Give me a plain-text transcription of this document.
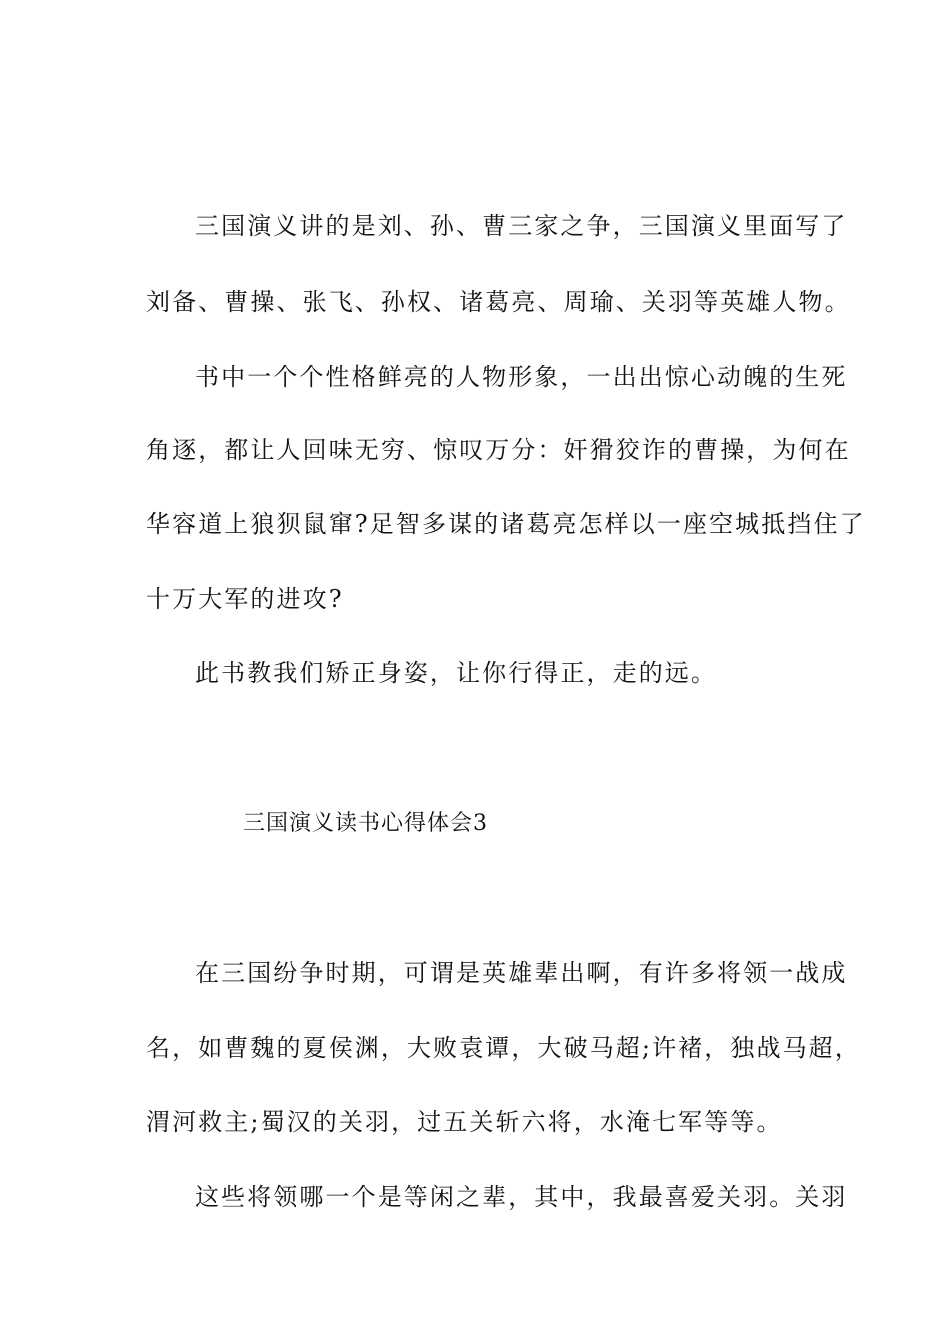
三国演义讲的是刘、孙、曹三家之争，三国演义里面写了
刘备、曹操、张飞、孙权、诸葛亮、周瑜、关羽等英雄人物。
书中一个个性格鲜亮的人物形象，一出出惊心动魄的生死
角逐，都让人回味无穷、惊叹万分：奸猾狡诈的曹操，为何在
华容道上狼狈鼠窜?足智多谋的诸葛亮怎样以一座空城抵挡住了
十万大军的进攻?
此书教我们矫正身姿，让你行得正，走的远。
三国演义读书心得体会3
在三国纷争时期，可谓是英雄辈出啊，有许多将领一战成
名，如曹魏的夏侯渊，大败袁谭，大破马超;许褚，独战马超，
渭河救主;蜀汉的关羽，过五关斩六将，水淹七军等等。
这些将领哪一个是等闲之辈，其中，我最喜爱关羽。关羽
